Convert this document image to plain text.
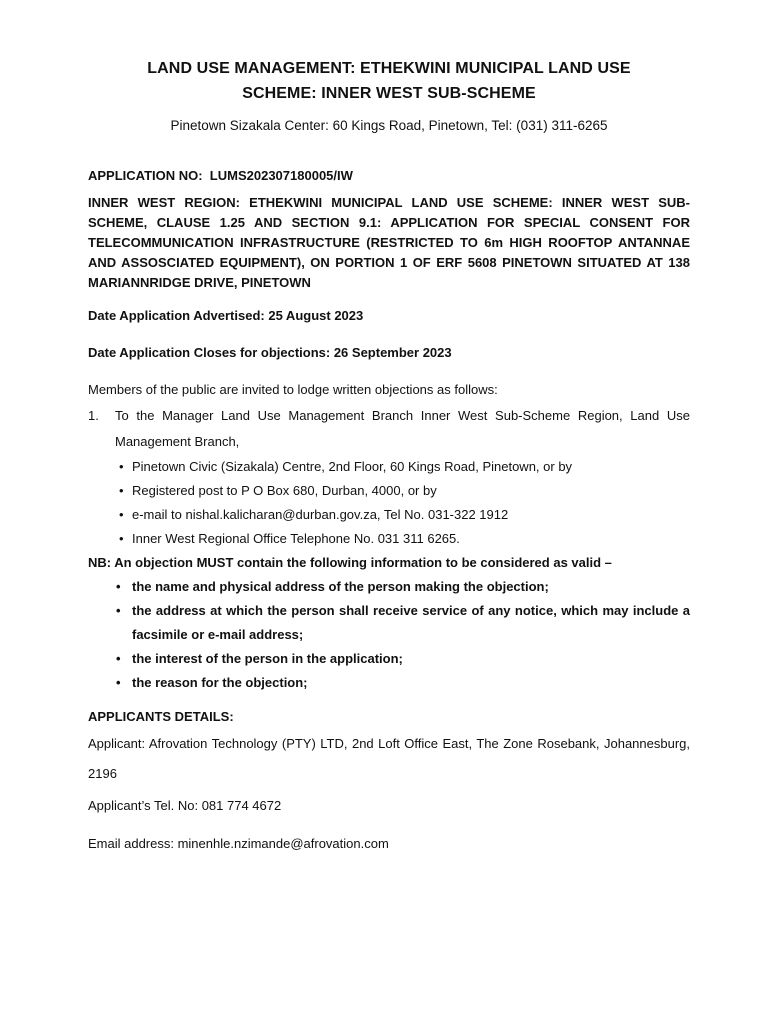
LAND USE MANAGEMENT: ETHEKWINI MUNICIPAL LAND USE
SCHEME: INNER WEST SUB-SCHEME

Pinetown Sizakala Center: 60 Kings Road, Pinetown, Tel: (031) 311-6265

APPLICATION NO:  LUMS202307180005/IW

INNER WEST REGION: ETHEKWINI MUNICIPAL LAND USE SCHEME: INNER WEST SUB-SCHEME, CLAUSE 1.25 AND SECTION 9.1: APPLICATION FOR SPECIAL CONSENT FOR TELECOMMUNICATION INFRASTRUCTURE (RESTRICTED TO 6m HIGH ROOFTOP ANTANNAE AND ASSOSCIATED EQUIPMENT), ON PORTION 1 OF ERF 5608 PINETOWN SITUATED AT 138 MARIANNRIDGE DRIVE, PINETOWN

Date Application Advertised: 25 August 2023

Date Application Closes for objections: 26 September 2023

Members of the public are invited to lodge written objections as follows:

1. To the Manager Land Use Management Branch Inner West Sub-Scheme Region, Land Use Management Branch,
• Pinetown Civic (Sizakala) Centre, 2nd Floor, 60 Kings Road, Pinetown, or by
• Registered post to P O Box 680, Durban, 4000, or by
• e-mail to nishal.kalicharan@durban.gov.za, Tel No. 031-322 1912
• Inner West Regional Office Telephone No. 031 311 6265.

NB: An objection MUST contain the following information to be considered as valid –

• the name and physical address of the person making the objection;
• the address at which the person shall receive service of any notice, which may include a facsimile or e-mail address;
• the interest of the person in the application;
• the reason for the objection;

APPLICANTS DETAILS:

Applicant: Afrovation Technology (PTY) LTD, 2nd Loft Office East, The Zone Rosebank, Johannesburg, 2196

Applicant’s Tel. No: 081 774 4672

Email address: minenhle.nzimande@afrovation.com
